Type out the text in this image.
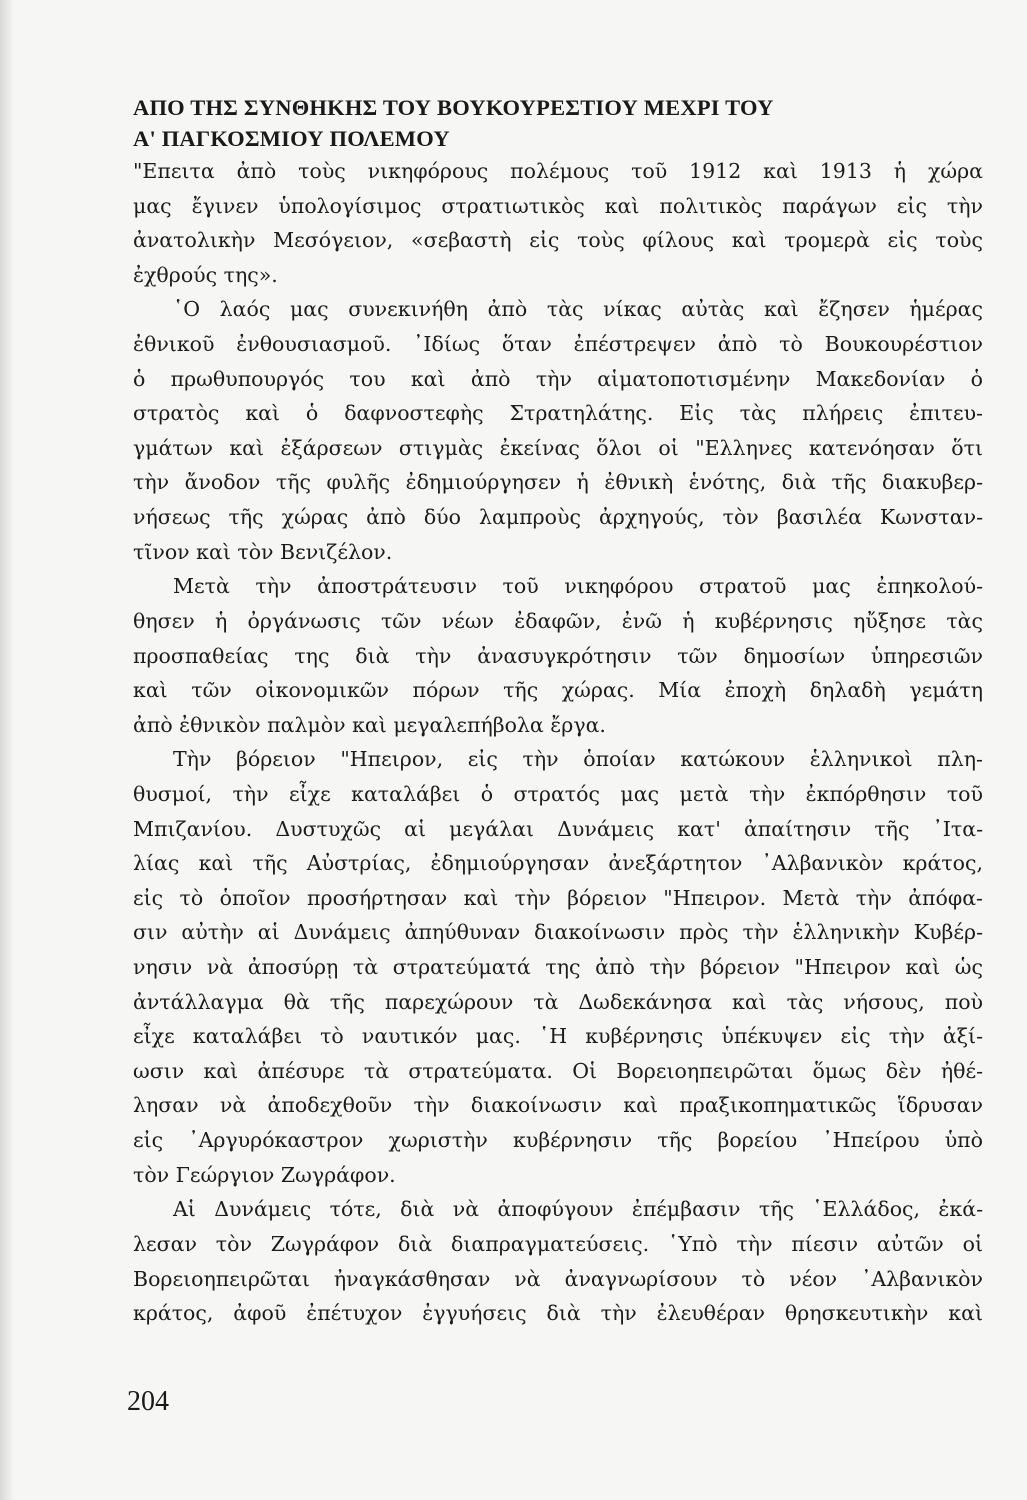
ΑΠΟ ΤΗΣ ΣΥΝΘΗΚΗΣ ΤΟΥ ΒΟΥΚΟΥΡΕΣΤΙΟΥ ΜΕΧΡΙ ΤΟΥ
Α' ΠΑΓΚΟΣΜΙΟΥ ΠΟΛΕΜΟΥ
"Επειτα ἀπὸ τοὺς νικηφόρους πολέμους τοῦ 1912 καὶ 1913 ἡ χώρα
μας ἔγινεν ὑπολογίσιμος στρατιωτικὸς καὶ πολιτικὸς παράγων εἰς τὴν
ἀνατολικὴν Μεσόγειον, «σεβαστὴ εἰς τοὺς φίλους καὶ τρομερὰ εἰς τοὺς
ἐχθρούς της».
῾Ο λαός μας συνεκινήθη ἀπὸ τὰς νίκας αὐτὰς καὶ ἔζησεν ἡμέρας
ἐθνικοῦ ἐνθουσιασμοῦ. ᾿Ιδίως ὅταν ἐπέστρεψεν ἀπὸ τὸ Βουκουρέστιον
ὁ πρωθυπουργός του καὶ ἀπὸ τὴν αἱματοποτισμένην Μακεδονίαν ὁ
στρατὸς καὶ ὁ δαφνοστεφὴς Στρατηλάτης. Εἰς τὰς πλήρεις ἐπιτευ-
γμάτων καὶ ἐξάρσεων στιγμὰς ἐκείνας ὅλοι οἱ "Ελληνες κατενόησαν ὅτι
τὴν ἄνοδον τῆς φυλῆς ἐδημιούργησεν ἡ ἐθνικὴ ἑνότης, διὰ τῆς διακυβερ-
νήσεως τῆς χώρας ἀπὸ δύο λαμπροὺς ἀρχηγούς, τὸν βασιλέα Κωνσταν-
τῖνον καὶ τὸν Βενιζέλον.
Μετὰ τὴν ἀποστράτευσιν τοῦ νικηφόρου στρατοῦ μας ἐπηκολού-
θησεν ἡ ὀργάνωσις τῶν νέων ἐδαφῶν, ἐνῶ ἡ κυβέρνησις ηὔξησε τὰς
προσπαθείας της διὰ τὴν ἀνασυγκρότησιν τῶν δημοσίων ὑπηρεσιῶν
καὶ τῶν οἰκονομικῶν πόρων τῆς χώρας. Μία ἐποχὴ δηλαδὴ γεμάτη
ἀπὸ ἐθνικὸν παλμὸν καὶ μεγαλεπήβολα ἔργα.
Τὴν βόρειον "Ηπειρον, εἰς τὴν ὁποίαν κατώκουν ἑλληνικοὶ πλη-
θυσμοί, τὴν εἶχε καταλάβει ὁ στρατός μας μετὰ τὴν ἐκπόρθησιν τοῦ
Μπιζανίου. Δυστυχῶς αἱ μεγάλαι Δυνάμεις κατ' ἀπαίτησιν τῆς ᾿Ιτα-
λίας καὶ τῆς Αὐστρίας, ἐδημιούργησαν ἀνεξάρτητον ᾿Αλβανικὸν κράτος,
εἰς τὸ ὁποῖον προσήρτησαν καὶ τὴν βόρειον "Ηπειρον. Μετὰ τὴν ἀπόφα-
σιν αὐτὴν αἱ Δυνάμεις ἀπηύθυναν διακοίνωσιν πρὸς τὴν ἑλληνικὴν Κυβέρ-
νησιν νὰ ἀποσύρῃ τὰ στρατεύματά της ἀπὸ τὴν βόρειον "Ηπειρον καὶ ὡς
ἀντάλλαγμα θὰ τῆς παρεχώρουν τὰ Δωδεκάνησα καὶ τὰς νήσους, ποὺ
εἶχε καταλάβει τὸ ναυτικόν μας. ῾Η κυβέρνησις ὑπέκυψεν εἰς τὴν ἀξί-
ωσιν καὶ ἀπέσυρε τὰ στρατεύματα. Οἱ Βορειοηπειρῶται ὅμως δὲν ἠθέ-
λησαν νὰ ἀποδεχθοῦν τὴν διακοίνωσιν καὶ πραξικοπηματικῶς ἵδρυσαν
εἰς ᾿Αργυρόκαστρον χωριστὴν κυβέρνησιν τῆς βορείου ᾿Ηπείρου ὑπὸ
τὸν Γεώργιον Ζωγράφον.
Αἱ Δυνάμεις τότε, διὰ νὰ ἀποφύγουν ἐπέμβασιν τῆς ῾Ελλάδος, ἐκά-
λεσαν τὸν Ζωγράφον διὰ διαπραγματεύσεις. ῾Υπὸ τὴν πίεσιν αὐτῶν οἱ
Βορειοηπειρῶται ἠναγκάσθησαν νὰ ἀναγνωρίσουν τὸ νέον ᾿Αλβανικὸν
κράτος, ἀφοῦ ἐπέτυχον ἐγγυήσεις διὰ τὴν ἐλευθέραν θρησκευτικὴν καὶ
204
